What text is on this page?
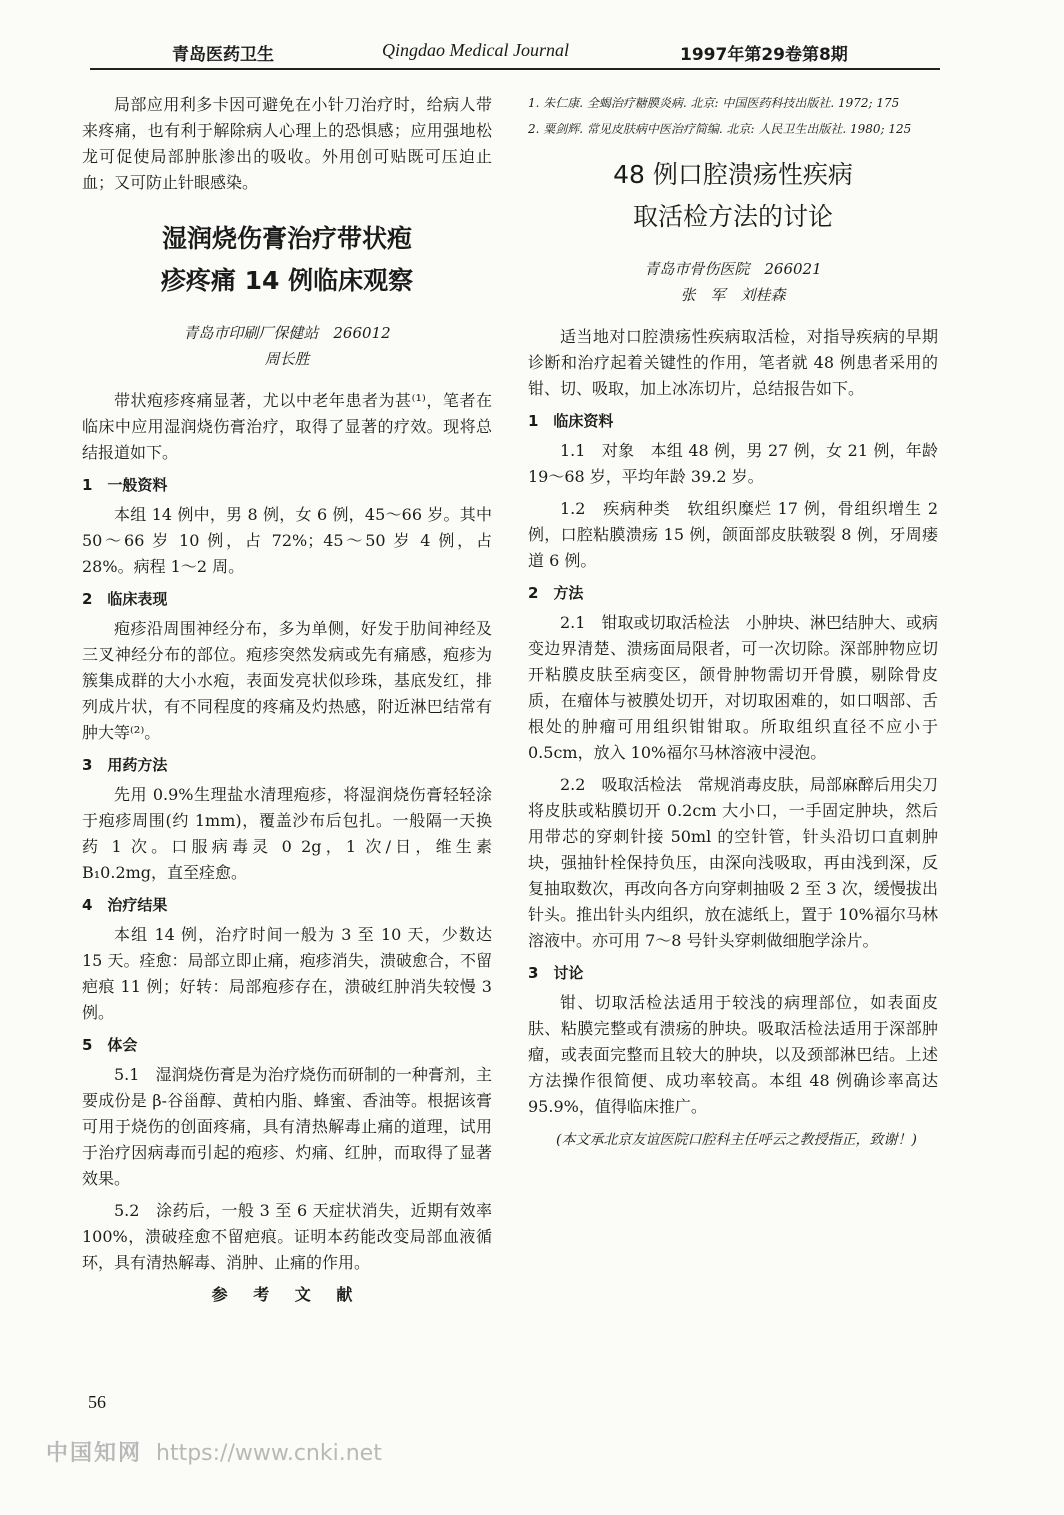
青岛医药卫生	Qingdao Medical Journal	1997年第29卷第8期

局部应用利多卡因可避免在小针刀治疗时，给病人带来疼痛，也有利于解除病人心理上的恐惧感；应用强地松龙可促使局部肿胀渗出的吸收。外用创可贴既可压迫止血；又可防止针眼感染。

湿润烧伤膏治疗带状疱
疹疼痛 14 例临床观察
青岛市印刷厂保健站　266012
周长胜

带状疱疹疼痛显著，尤以中老年患者为甚⁽¹⁾，笔者在临床中应用湿润烧伤膏治疗，取得了显著的疗效。现将总结报道如下。

1　一般资料

本组 14 例中，男 8 例，女 6 例，45～66 岁。其中 50～66 岁 10 例，占 72%；45～50 岁 4 例，占 28%。病程 1～2 周。

2　临床表现

疱疹沿周围神经分布，多为单侧，好发于肋间神经及三叉神经分布的部位。疱疹突然发病或先有痛感，疱疹为簇集成群的大小水疱，表面发亮状似珍珠，基底发红，排列成片状，有不同程度的疼痛及灼热感，附近淋巴结常有肿大等⁽²⁾。

3　用药方法

先用 0.9%生理盐水清理疱疹，将湿润烧伤膏轻轻涂于疱疹周围(约 1mm)，覆盖沙布后包扎。一般隔一天换药 1 次。口服病毒灵 0 2g，1 次/日，维生素 B₁0.2mg，直至痊愈。

4　治疗结果

本组 14 例，治疗时间一般为 3 至 10 天，少数达 15 天。痊愈：局部立即止痛，疱疹消失，溃破愈合，不留疤痕 11 例；好转：局部疱疹存在，溃破红肿消失较慢 3 例。

5　体会

5.1　湿润烧伤膏是为治疗烧伤而研制的一种膏剂，主要成份是 β-谷甾醇、黄柏内脂、蜂蜜、香油等。根据该膏可用于烧伤的创面疼痛，具有清热解毒止痛的道理，试用于治疗因病毒而引起的疱疹、灼痛、红肿，而取得了显著效果。

5.2　涂药后，一般 3 至 6 天症状消失，近期有效率 100%，溃破痊愈不留疤痕。证明本药能改变局部血液循环，具有清热解毒、消肿、止痛的作用。

参 考 文 献

1. 朱仁康. 全蝎治疗糖膜炎病. 北京: 中国医药科技出版社. 1972; 175

2. 粟剑辉. 常见皮肤病中医治疗简编. 北京: 人民卫生出版社. 1980; 125

48 例口腔溃疡性疾病
取活检方法的讨论
青岛市骨伤医院　266021
张　军　刘桂森

适当地对口腔溃疡性疾病取活检，对指导疾病的早期诊断和治疗起着关键性的作用，笔者就 48 例患者采用的钳、切、吸取，加上冰冻切片，总结报告如下。

1　临床资料

1.1　对象　本组 48 例，男 27 例，女 21 例，年龄 19～68 岁，平均年龄 39.2 岁。

1.2　疾病种类　软组织糜烂 17 例，骨组织增生 2 例，口腔粘膜溃疡 15 例，颌面部皮肤皲裂 8 例，牙周瘘道 6 例。

2　方法

2.1　钳取或切取活检法　小肿块、淋巴结肿大、或病变边界清楚、溃疡面局限者，可一次切除。深部肿物应切开粘膜皮肤至病变区，颌骨肿物需切开骨膜，剔除骨皮质，在瘤体与被膜处切开，对切取困难的，如口咽部、舌根处的肿瘤可用组织钳钳取。所取组织直径不应小于 0.5cm，放入 10%福尔马林溶液中浸泡。

2.2　吸取活检法　常规消毒皮肤，局部麻醉后用尖刀将皮肤或粘膜切开 0.2cm 大小口，一手固定肿块，然后用带芯的穿刺针接 50ml 的空针管，针头沿切口直刺肿块，强抽针栓保持负压，由深向浅吸取，再由浅到深，反复抽取数次，再改向各方向穿刺抽吸 2 至 3 次，缓慢拔出针头。推出针头内组织，放在滤纸上，置于 10%福尔马林溶液中。亦可用 7～8 号针头穿刺做细胞学涂片。

3　讨论

钳、切取活检法适用于较浅的病理部位，如表面皮肤、粘膜完整或有溃疡的肿块。吸取活检法适用于深部肿瘤，或表面完整而且较大的肿块，以及颈部淋巴结。上述方法操作很简便、成功率较高。本组 48 例确诊率高达 95.9%，值得临床推广。

(本文承北京友谊医院口腔科主任呼云之教授指正，致谢！)

56
中国知网 https://www.cnki.net
